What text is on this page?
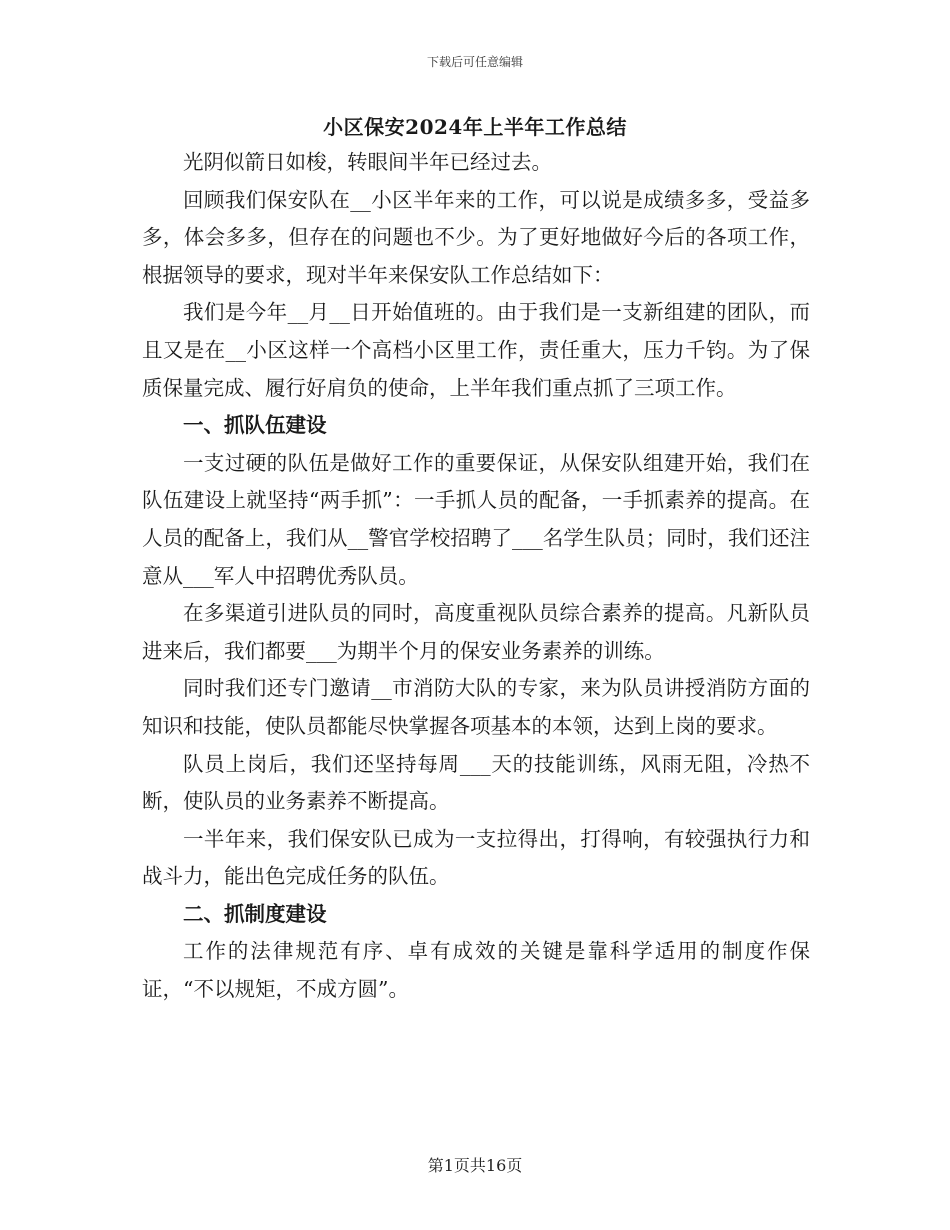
下载后可任意编辑
小区保安2024年上半年工作总结

光阴似箭日如梭，转眼间半年已经过去。

回顾我们保安队在__小区半年来的工作，可以说是成绩多多，受益多多，体会多多，但存在的问题也不少。为了更好地做好今后的各项工作，根据领导的要求，现对半年来保安队工作总结如下：

我们是今年__月__日开始值班的。由于我们是一支新组建的团队，而且又是在__小区这样一个高档小区里工作，责任重大，压力千钧。为了保质保量完成、履行好肩负的使命，上半年我们重点抓了三项工作。

一、抓队伍建设

一支过硬的队伍是做好工作的重要保证，从保安队组建开始，我们在队伍建设上就坚持“两手抓”：一手抓人员的配备，一手抓素养的提高。在人员的配备上，我们从__警官学校招聘了___名学生队员；同时，我们还注意从___军人中招聘优秀队员。

在多渠道引进队员的同时，高度重视队员综合素养的提高。凡新队员进来后，我们都要___为期半个月的保安业务素养的训练。

同时我们还专门邀请__市消防大队的专家，来为队员讲授消防方面的知识和技能，使队员都能尽快掌握各项基本的本领，达到上岗的要求。

队员上岗后，我们还坚持每周___天的技能训练，风雨无阻，冷热不断，使队员的业务素养不断提高。

一半年来，我们保安队已成为一支拉得出，打得响，有较强执行力和战斗力，能出色完成任务的队伍。

二、抓制度建设

工作的法律规范有序、卓有成效的关键是靠科学适用的制度作保证，“不以规矩，不成方圆”。

第1页共16页
